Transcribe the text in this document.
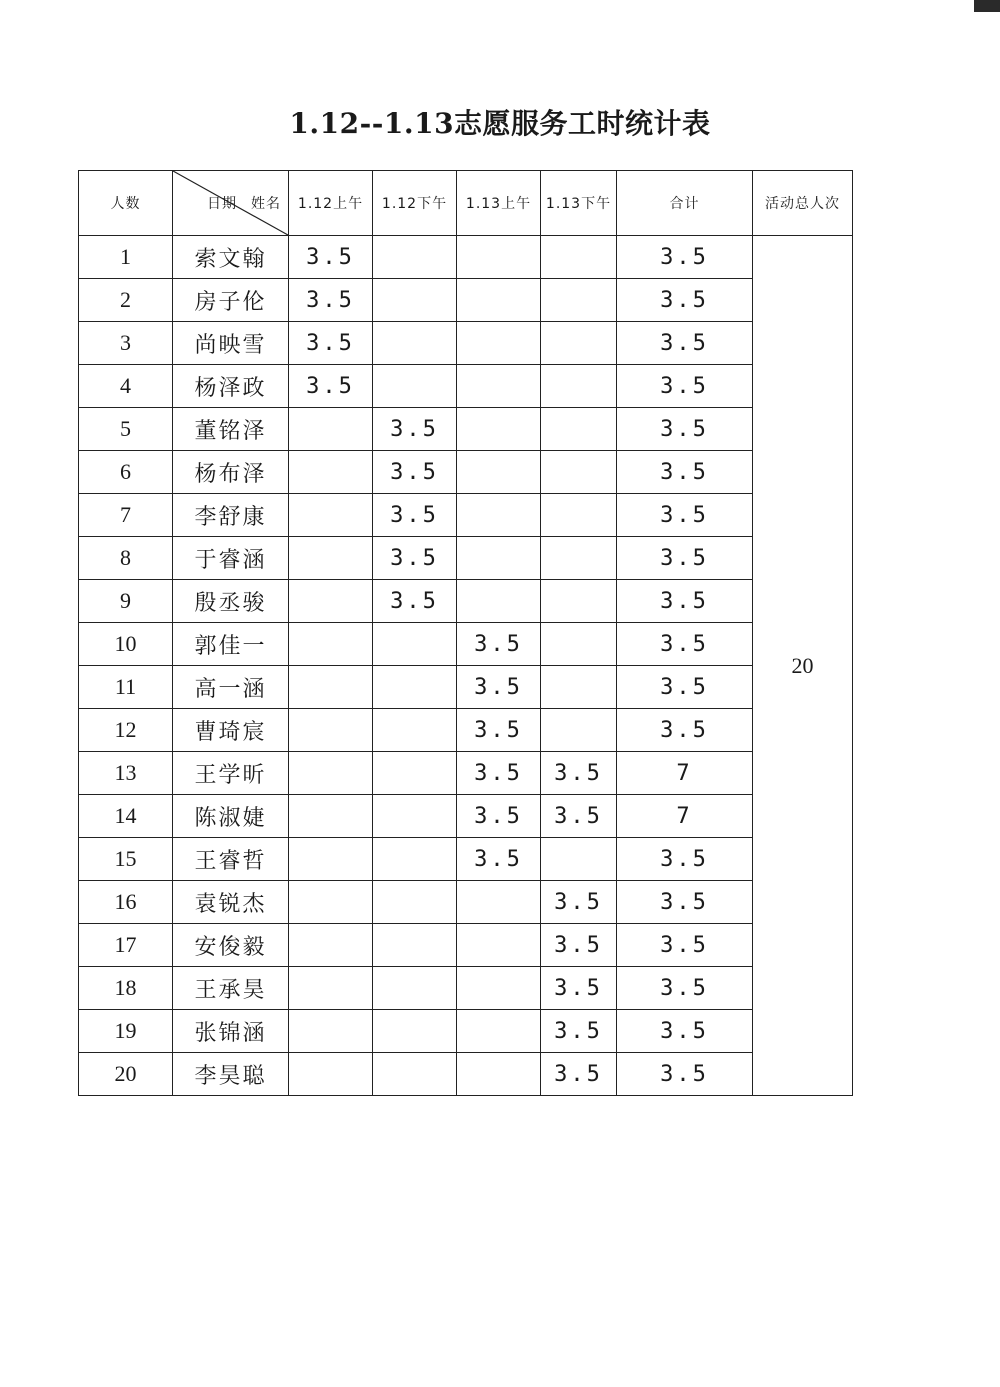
1.12--1.13志愿服务工时统计表
人数	日期 姓名	1.12上午	1.12下午	1.13上午	1.13下午	合计	活动总人次
1	索文翰	3.5				3.5	20
2	房子伦	3.5				3.5	
3	尚映雪	3.5				3.5	
4	杨泽政	3.5				3.5	
5	董铭泽		3.5			3.5	
6	杨布泽		3.5			3.5	
7	李舒康		3.5			3.5	
8	于睿涵		3.5			3.5	
9	殷丞骏		3.5			3.5	
10	郭佳一			3.5		3.5	
11	高一涵			3.5		3.5	
12	曹琦宸			3.5		3.5	
13	王学昕			3.5	3.5	7	
14	陈淑婕			3.5	3.5	7	
15	王睿哲			3.5		3.5	
16	袁锐杰				3.5	3.5	
17	安俊毅				3.5	3.5	
18	王承昊				3.5	3.5	
19	张锦涵				3.5	3.5	
20	李昊聪				3.5	3.5	
